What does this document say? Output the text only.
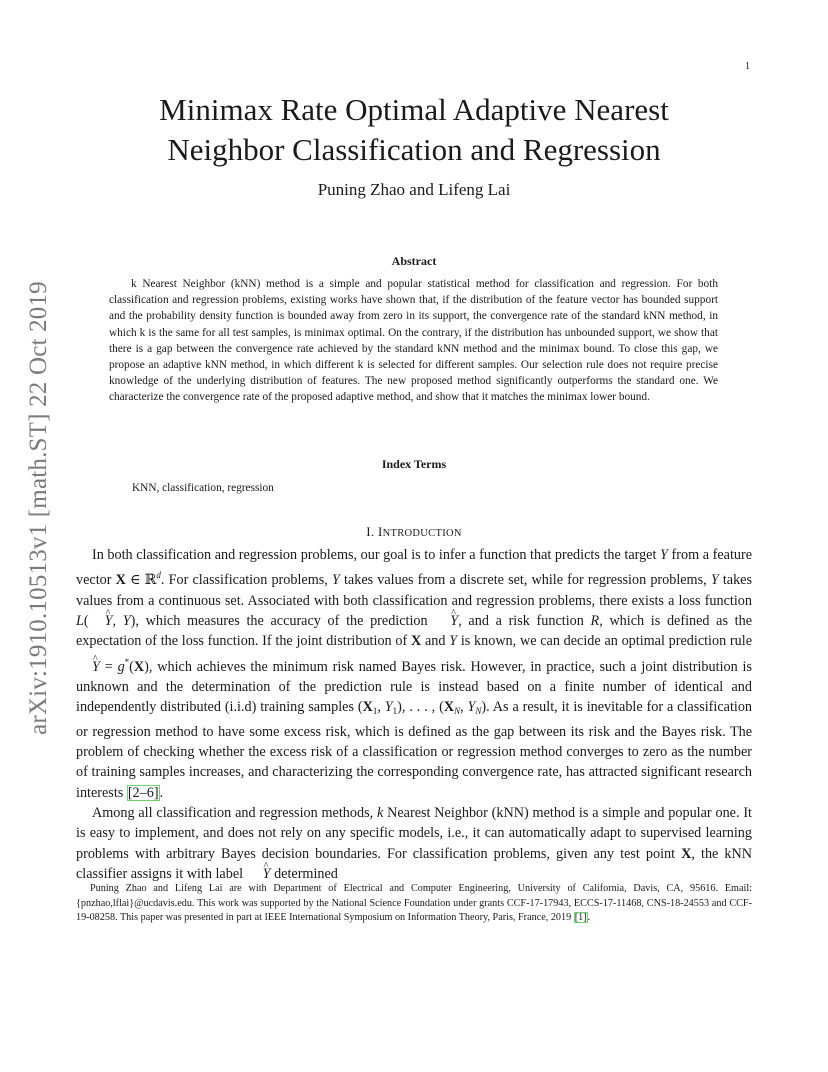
1
arXiv:1910.10513v1 [math.ST] 22 Oct 2019
Minimax Rate Optimal Adaptive Nearest
Neighbor Classification and Regression
Puning Zhao and Lifeng Lai
Abstract

k Nearest Neighbor (kNN) method is a simple and popular statistical method for classification and regression. For both classification and regression problems, existing works have shown that, if the distribution of the feature vector has bounded support and the probability density function is bounded away from zero in its support, the convergence rate of the standard kNN method, in which k is the same for all test samples, is minimax optimal. On the contrary, if the distribution has unbounded support, we show that there is a gap between the convergence rate achieved by the standard kNN method and the minimax bound. To close this gap, we propose an adaptive kNN method, in which different k is selected for different samples. Our selection rule does not require precise knowledge of the underlying distribution of features. The new proposed method significantly outperforms the standard one. We characterize the convergence rate of the proposed adaptive method, and show that it matches the minimax lower bound.

Index Terms
KNN, classification, regression
I. INTRODUCTION

In both classification and regression problems, our goal is to infer a function that predicts the target Y from a feature vector X ∈ ℝ$^d$. For classification problems, Y takes values from a discrete set, while for regression problems, Y takes values from a continuous set. Associated with both classification and regression problems, there exists a loss function L(^ Y, Y), which measures the accuracy of the prediction ^ Y, and a risk function R, which is defined as the expectation of the loss function. If the joint distribution of X and Y is known, we can decide an optimal prediction rule ^ Y = g*(X), which achieves the minimum risk named Bayes risk. However, in practice, such a joint distribution is unknown and the determination of the prediction rule is instead based on a finite number of identical and independently distributed (i.i.d) training samples ($X_1$, $Y_1$), . . . , ($X_N$, $Y_N$). As a result, it is inevitable for a classification or regression method to have some excess risk, which is defined as the gap between its risk and the Bayes risk. The problem of checking whether the excess risk of a classification or regression method converges to zero as the number of training samples increases, and characterizing the corresponding convergence rate, has attracted significant research interests [2–6].

Among all classification and regression methods, k Nearest Neighbor (kNN) method is a simple and popular one. It is easy to implement, and does not rely on any specific models, i.e., it can automatically adapt to supervised learning problems with arbitrary Bayes decision boundaries. For classification problems, given any test point X, the kNN classifier assigns it with label ^ Y determined

Puning Zhao and Lifeng Lai are with Department of Electrical and Computer Engineering, University of California, Davis, CA, 95616. Email: {pnzhao,lflai}@ucdavis.edu. This work was supported by the National Science Foundation under grants CCF-17-17943, ECCS-17-11468, CNS-18-24553 and CCF-19-08258. This paper was presented in part at IEEE International Symposium on Information Theory, Paris, France, 2019 [1].
